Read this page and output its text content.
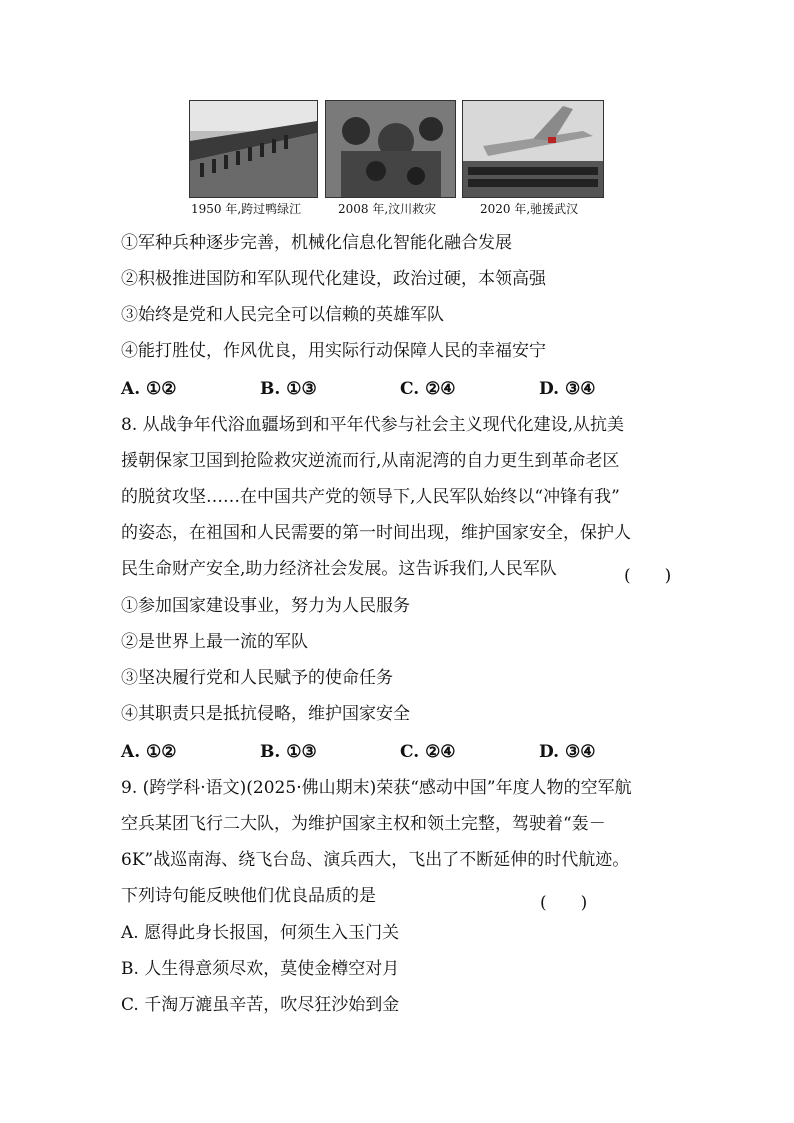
1950 年,跨过鸭绿江	2008 年,汶川救灾	2020 年,驰援武汉
①军种兵种逐步完善，机械化信息化智能化融合发展
②积极推进国防和军队现代化建设，政治过硬，本领高强
③始终是党和人民完全可以信赖的英雄军队
④能打胜仗，作风优良，用实际行动保障人民的幸福安宁
A. ①②	B. ①③	C. ②④	D. ③④
8. 从战争年代浴血疆场到和平年代参与社会主义现代化建设,从抗美
援朝保家卫国到抢险救灾逆流而行,从南泥湾的自力更生到革命老区
的脱贫攻坚……在中国共产党的领导下,人民军队始终以“冲锋有我”
的姿态，在祖国和人民需要的第一时间出现，维护国家安全，保护人
民生命财产安全,助力经济社会发展。这告诉我们,人民军队	(　　)
①参加国家建设事业，努力为人民服务
②是世界上最一流的军队
③坚决履行党和人民赋予的使命任务
④其职责只是抵抗侵略，维护国家安全
A. ①②	B. ①③	C. ②④	D. ③④
9. (跨学科·语文)(2025·佛山期末)荣获“感动中国”年度人物的空军航
空兵某团飞行二大队，为维护国家主权和领土完整，驾驶着“轰－
6K”战巡南海、绕飞台岛、演兵西大，飞出了不断延伸的时代航迹。
下列诗句能反映他们优良品质的是	(　　)
A. 愿得此身长报国，何须生入玉门关
B. 人生得意须尽欢，莫使金樽空对月
C. 千淘万漉虽辛苦，吹尽狂沙始到金
